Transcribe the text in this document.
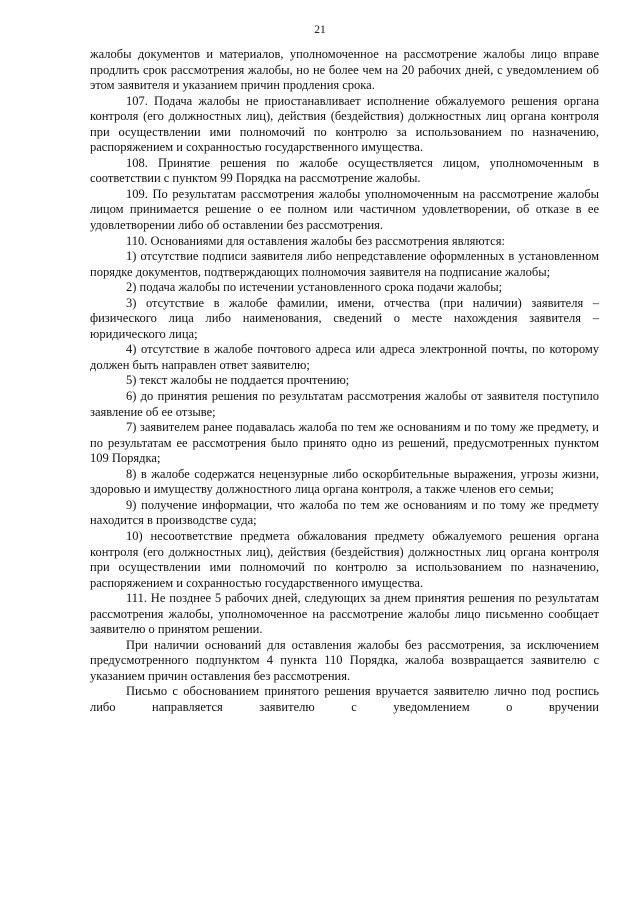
21

жалобы документов и материалов, уполномоченное на рассмотрение жалобы лицо вправе продлить срок рассмотрения жалобы, но не более чем на 20 рабочих дней, с уведомлением об этом заявителя и указанием причин продления срока.

107. Подача жалобы не приостанавливает исполнение обжалуемого решения органа контроля (его должностных лиц), действия (бездействия) должностных лиц органа контроля при осуществлении ими полномочий по контролю за использованием по назначению, распоряжением и сохранностью государственного имущества.

108. Принятие решения по жалобе осуществляется лицом, уполномоченным в соответствии с пунктом 99 Порядка на рассмотрение жалобы.

109. По результатам рассмотрения жалобы уполномоченным на рассмотрение жалобы лицом принимается решение о ее полном или частичном удовлетворении, об отказе в ее удовлетворении либо об оставлении без рассмотрения.

110. Основаниями для оставления жалобы без рассмотрения являются:

1) отсутствие подписи заявителя либо непредставление оформленных в установленном порядке документов, подтверждающих полномочия заявителя на подписание жалобы;

2) подача жалобы по истечении установленного срока подачи жалобы;

3) отсутствие в жалобе фамилии, имени, отчества (при наличии) заявителя – физического лица либо наименования, сведений о месте нахождения заявителя – юридического лица;

4) отсутствие в жалобе почтового адреса или адреса электронной почты, по которому должен быть направлен ответ заявителю;

5) текст жалобы не поддается прочтению;

6) до принятия решения по результатам рассмотрения жалобы от заявителя поступило заявление об ее отзыве;

7) заявителем ранее подавалась жалоба по тем же основаниям и по тому же предмету, и по результатам ее рассмотрения было принято одно из решений, предусмотренных пунктом 109 Порядка;

8) в жалобе содержатся нецензурные либо оскорбительные выражения, угрозы жизни, здоровью и имуществу должностного лица органа контроля, а также членов его семьи;

9) получение информации, что жалоба по тем же основаниям и по тому же предмету находится в производстве суда;

10) несоответствие предмета обжалования предмету обжалуемого решения органа контроля (его должностных лиц), действия (бездействия) должностных лиц органа контроля при осуществлении ими полномочий по контролю за использованием по назначению, распоряжением и сохранностью государственного имущества.

111. Не позднее 5 рабочих дней, следующих за днем принятия решения по результатам рассмотрения жалобы, уполномоченное на рассмотрение жалобы лицо письменно сообщает заявителю о принятом решении.

При наличии оснований для оставления жалобы без рассмотрения, за исключением предусмотренного подпунктом 4 пункта 110 Порядка, жалоба возвращается заявителю с указанием причин оставления без рассмотрения.

Письмо с обоснованием принятого решения вручается заявителю лично под роспись либо направляется заявителю с уведомлением о вручении
